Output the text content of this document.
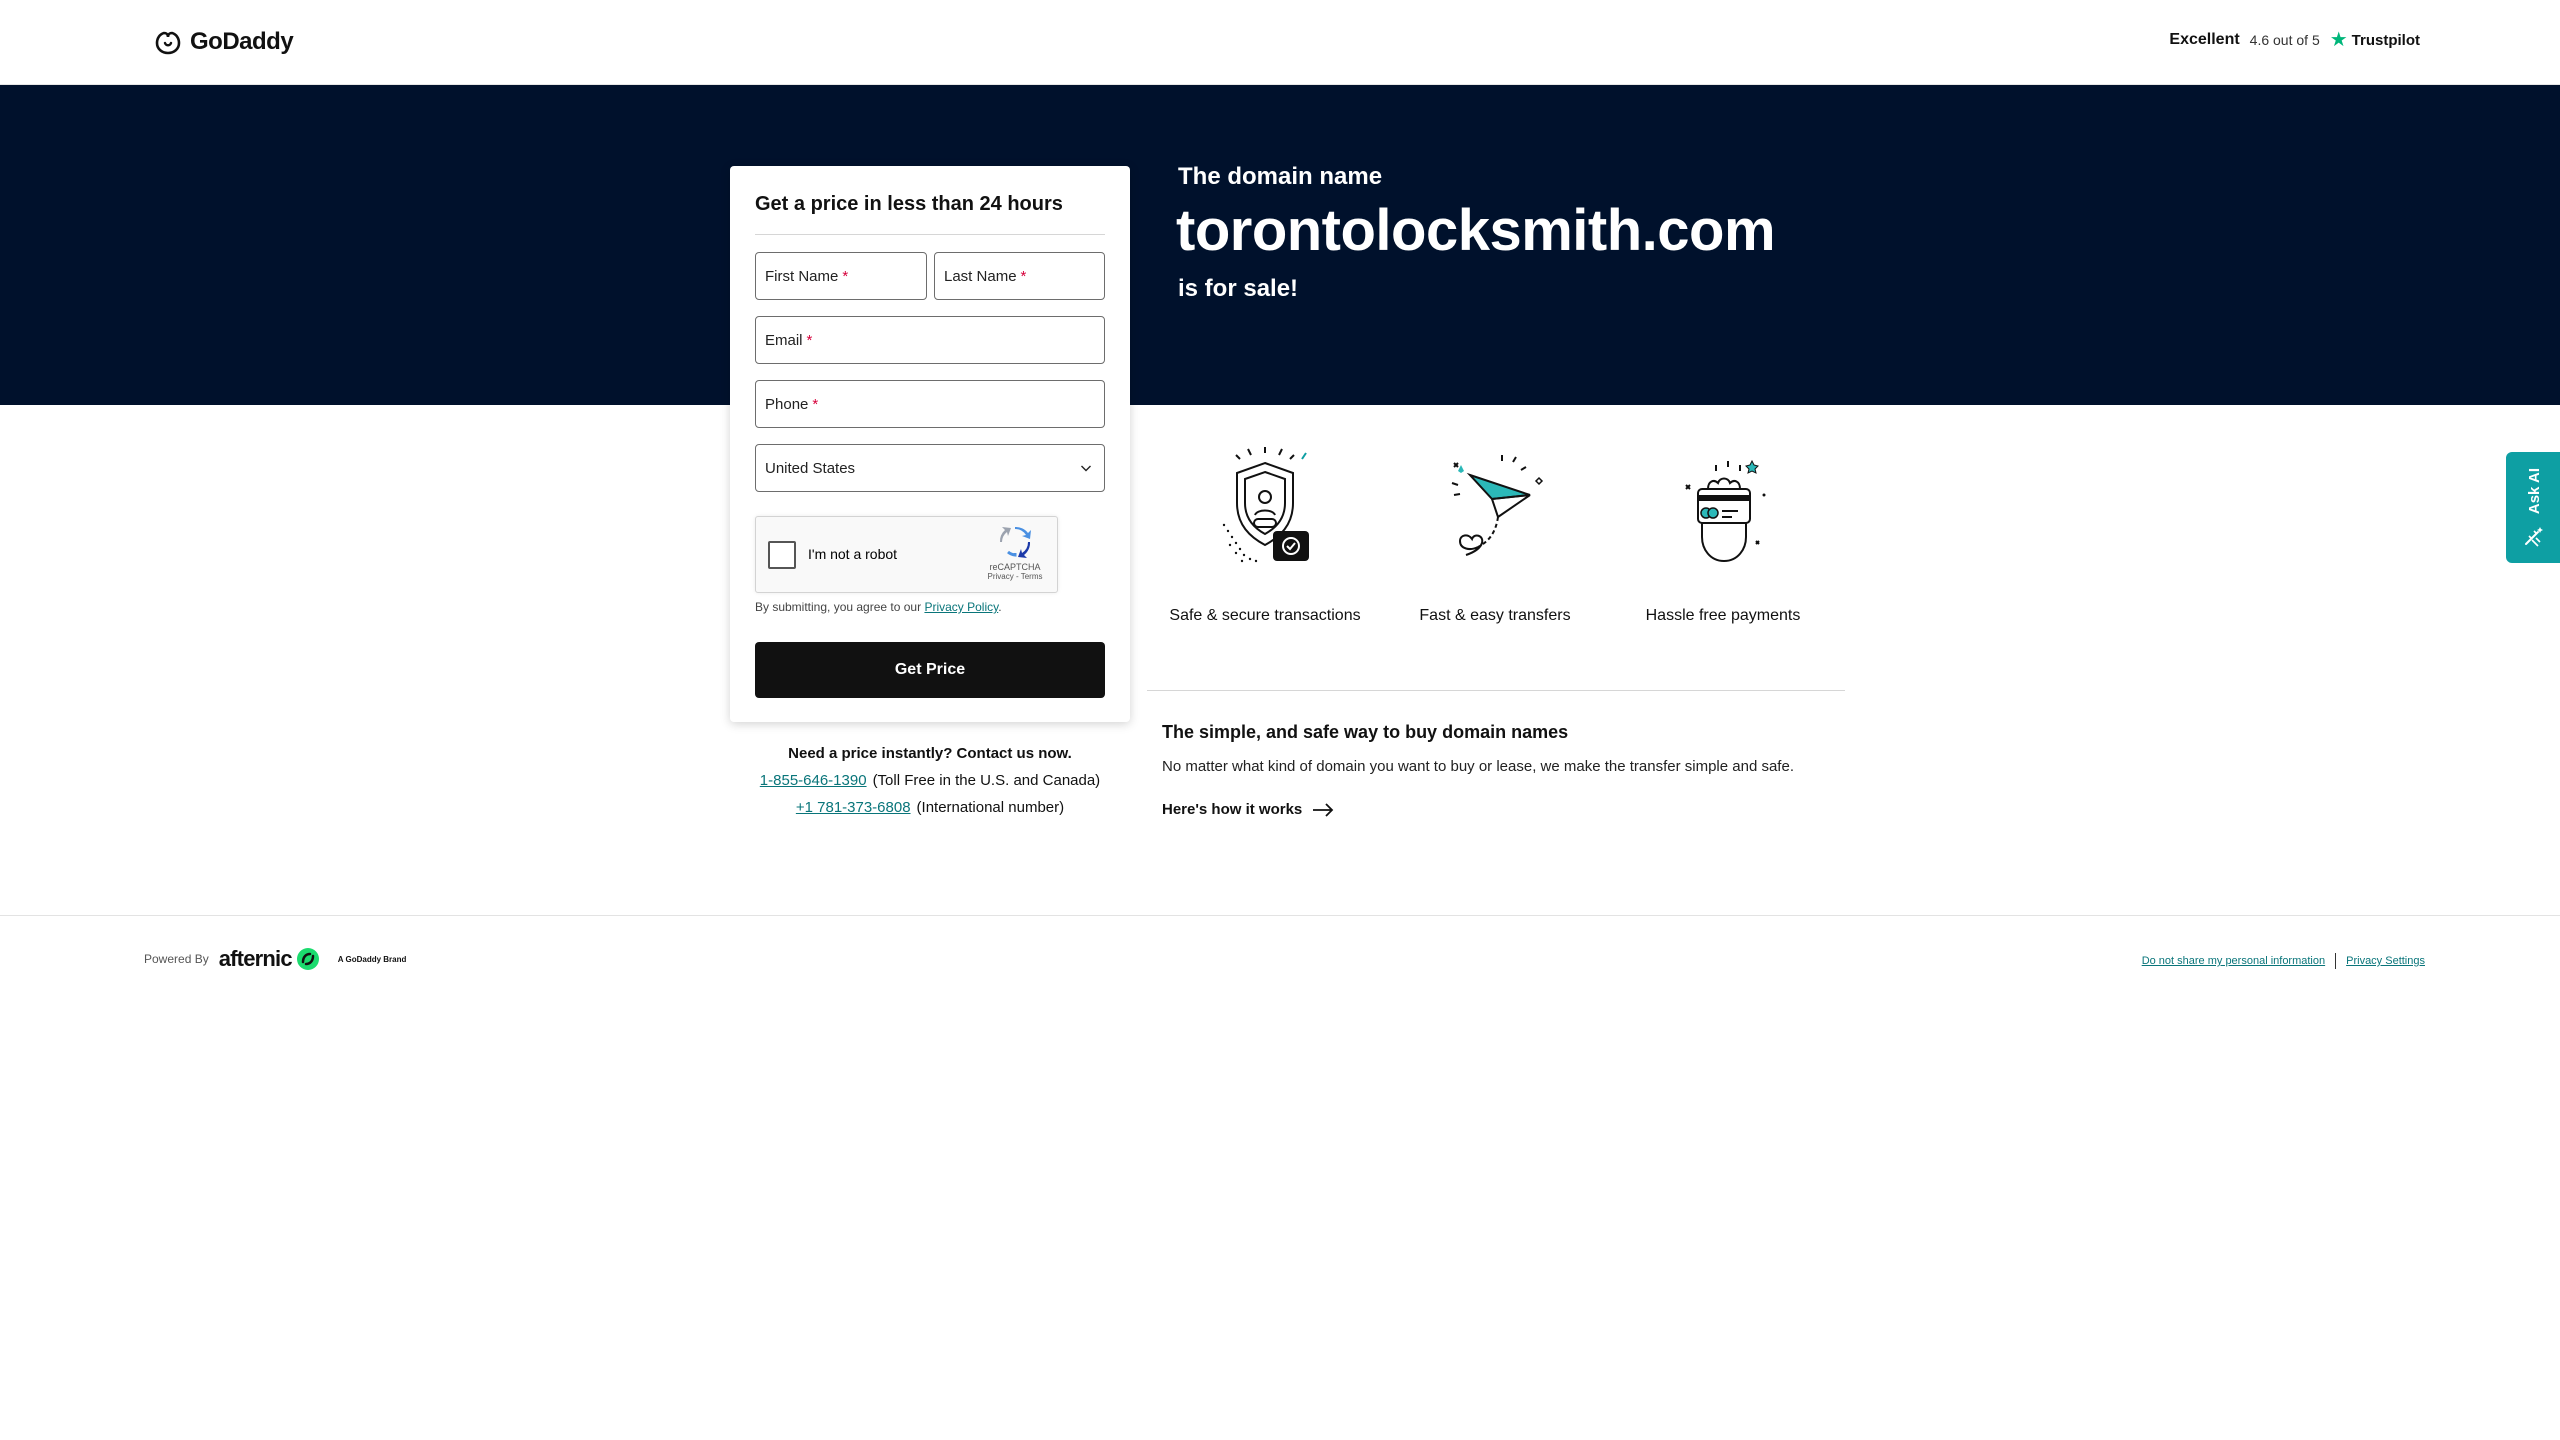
GoDaddy	Excellent 4.6 out of 5 ★ Trustpilot
The domain name
torontolocksmith.com
is for sale!
Get a price in less than 24 hours
First Name *	Last Name *
Email *
Phone *
United States
I'm not a robot
reCAPTCHA
Privacy - Terms
By submitting, you agree to our Privacy Policy.
Get Price
Need a price instantly? Contact us now.
1-855-646-1390 (Toll Free in the U.S. and Canada)
+1 781-373-6808 (International number)
Safe & secure transactions	Fast & easy transfers	Hassle free payments
The simple, and safe way to buy domain names
No matter what kind of domain you want to buy or lease, we make the transfer simple and safe.
Here's how it works
Powered By afternic	A GoDaddy Brand	Do not share my personal information Privacy Settings
Ask AI
